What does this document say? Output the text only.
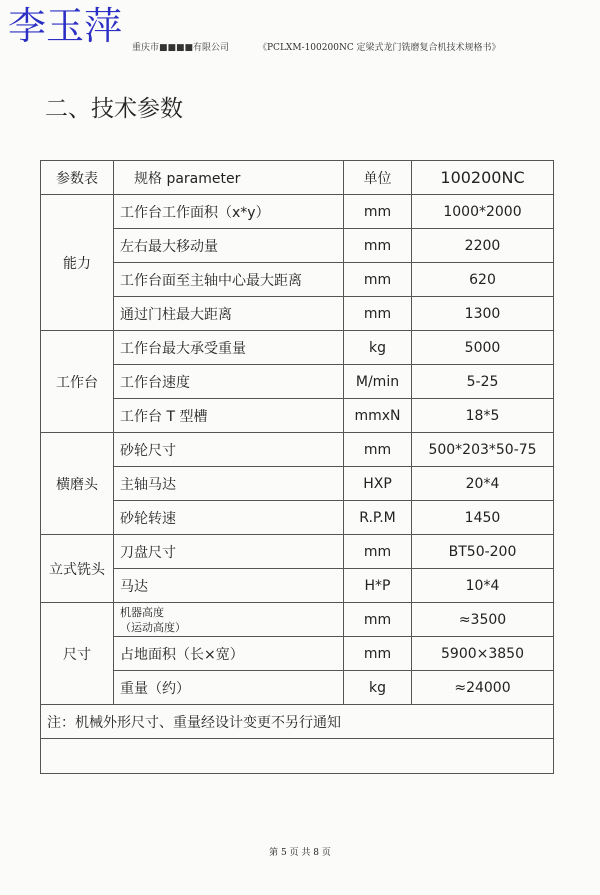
李玉萍 重庆市■■■■有限公司	《PCLXM-100200NC 定梁式龙门铣磨复合机技术规格书》
二、技术参数
参数表	规格 parameter	单位	100200NC
能力	工作台工作面积（x*y）	mm	1000*2000
	左右最大移动量	mm	2200
	工作台面至主轴中心最大距离	mm	620
	通过门柱最大距离	mm	1300
工作台	工作台最大承受重量	kg	5000
	工作台速度	M/min	5-25
	工作台 T 型槽	mmxN	18*5
横磨头	砂轮尺寸	mm	500*203*50-75
	主轴马达	HXP	20*4
	砂轮转速	R.P.M	1450
立式铣头	刀盘尺寸	mm	BT50-200
	马达	H*P	10*4
尺寸	机器高度
（运动高度）	mm	≈3500
	占地面积（长×宽）	mm	5900×3850
	重量（约）	kg	≈24000
注：机械外形尺寸、重量经设计变更不另行通知			

第 5 页 共 8 页
